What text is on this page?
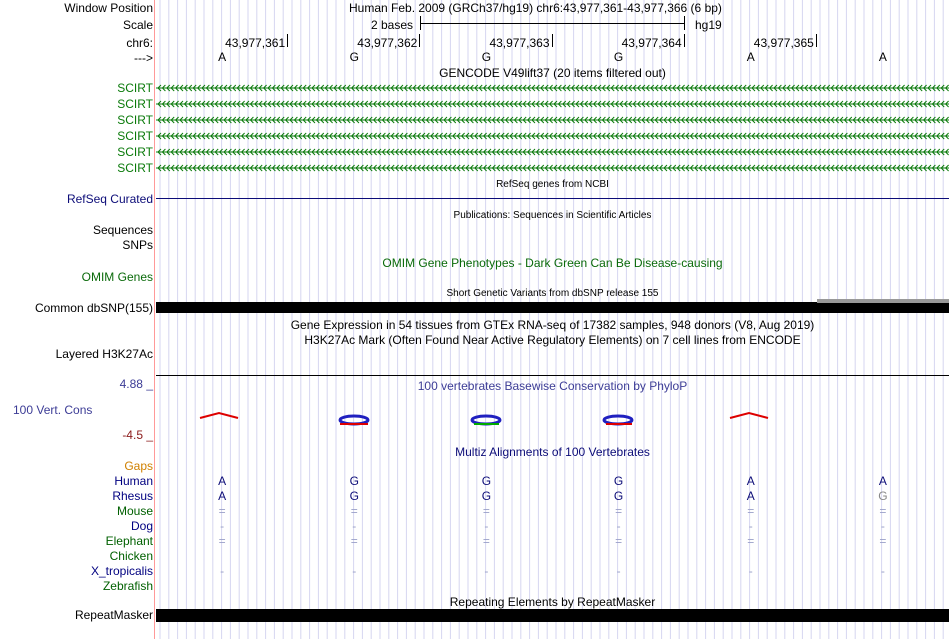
Window Position	Human Feb. 2009 (GRCh37/hg19) chr6:43,977,361-43,977,366 (6 bp)
Scale	2 bases	hg19
chr6:	43,977,361	43,977,362	43,977,363	43,977,364	43,977,365
--->	A	G	G	G	A	A
GENCODE V49lift37 (20 items filtered out)
SCIRT
SCIRT
SCIRT
SCIRT
SCIRT
SCIRT
RefSeq genes from NCBI
RefSeq Curated
Publications: Sequences in Scientific Articles
Sequences
SNPs
OMIM Gene Phenotypes - Dark Green Can Be Disease-causing
OMIM Genes
Short Genetic Variants from dbSNP release 155
Common dbSNP(155)
Gene Expression in 54 tissues from GTEx RNA-seq of 17382 samples, 948 donors (V8, Aug 2019)
H3K27Ac Mark (Often Found Near Active Regulatory Elements) on 7 cell lines from ENCODE
Layered H3K27Ac
4.88 _	100 vertebrates Basewise Conservation by PhyloP
100 Vert. Cons
-4.5 _
Multiz Alignments of 100 Vertebrates
Gaps
Human	A	G	G	G	A	A
Rhesus	A	G	G	G	A	G
Mouse	=	=	=	=	=	=
Dog	-	-	-	-	-	-
Elephant	=	=	=	=	=	=
Chicken
X_tropicalis	-	-	-	-	-	-
Zebrafish
Repeating Elements by RepeatMasker
RepeatMasker
